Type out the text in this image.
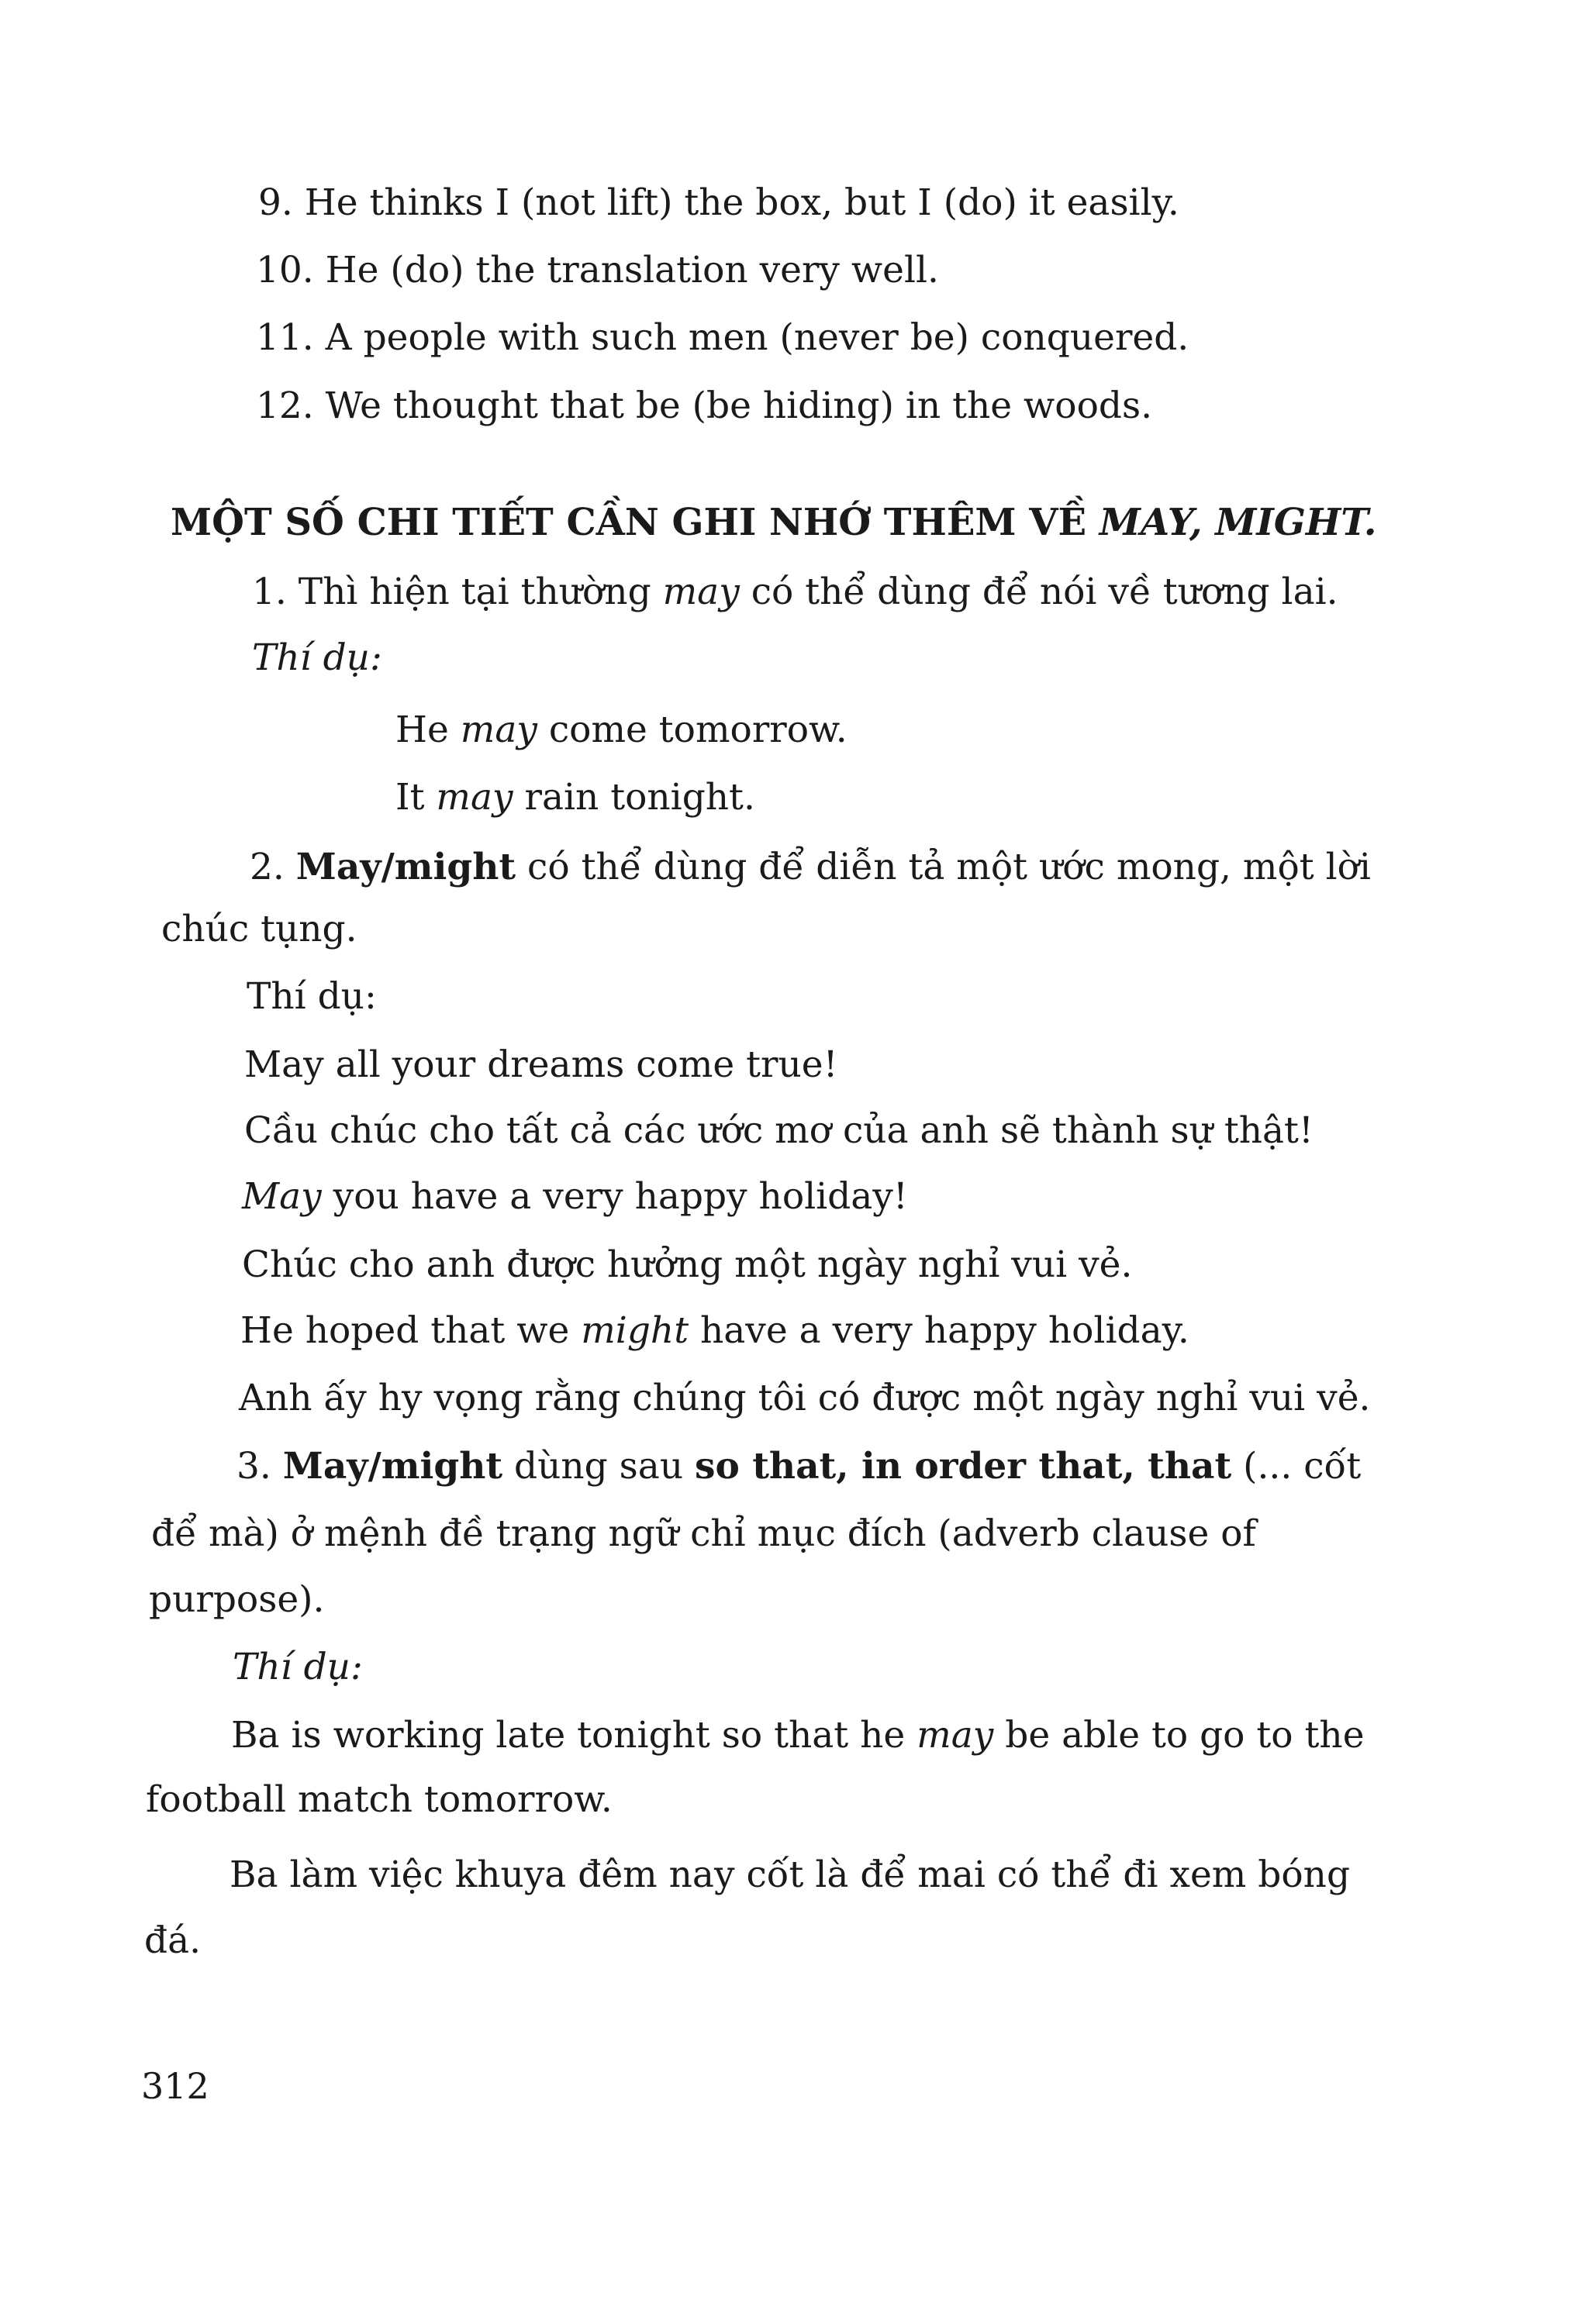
9. He thinks I (not lift) the box, but I (do) it easily.
10. He (do) the translation very well.
11. A people with such men (never be) conquered.
12. We thought that be (be hiding) in the woods.
MỘT SỐ CHI TIẾT CẦN GHI NHỚ THÊM VỀ MAY, MIGHT.
1. Thì hiện tại thường may có thể dùng để nói về tương lai.
Thí dụ:
He may come tomorrow.
It may rain tonight.
2. May/might có thể dùng để diễn tả một ước mong, một lời
chúc tụng.
Thí dụ:
May all your dreams come true!
Cầu chúc cho tất cả các ước mơ của anh sẽ thành sự thật!
May you have a very happy holiday!
Chúc cho anh được hưởng một ngày nghỉ vui vẻ.
He hoped that we might have a very happy holiday.
Anh ấy hy vọng rằng chúng tôi có được một ngày nghỉ vui vẻ.
3. May/might dùng sau so that, in order that, that (... cốt
để mà) ở mệnh đề trạng ngữ chỉ mục đích (adverb clause of
purpose).
Thí dụ:
Ba is working late tonight so that he may be able to go to the
football match tomorrow.
Ba làm việc khuya đêm nay cốt là để mai có thể đi xem bóng
đá.
312
